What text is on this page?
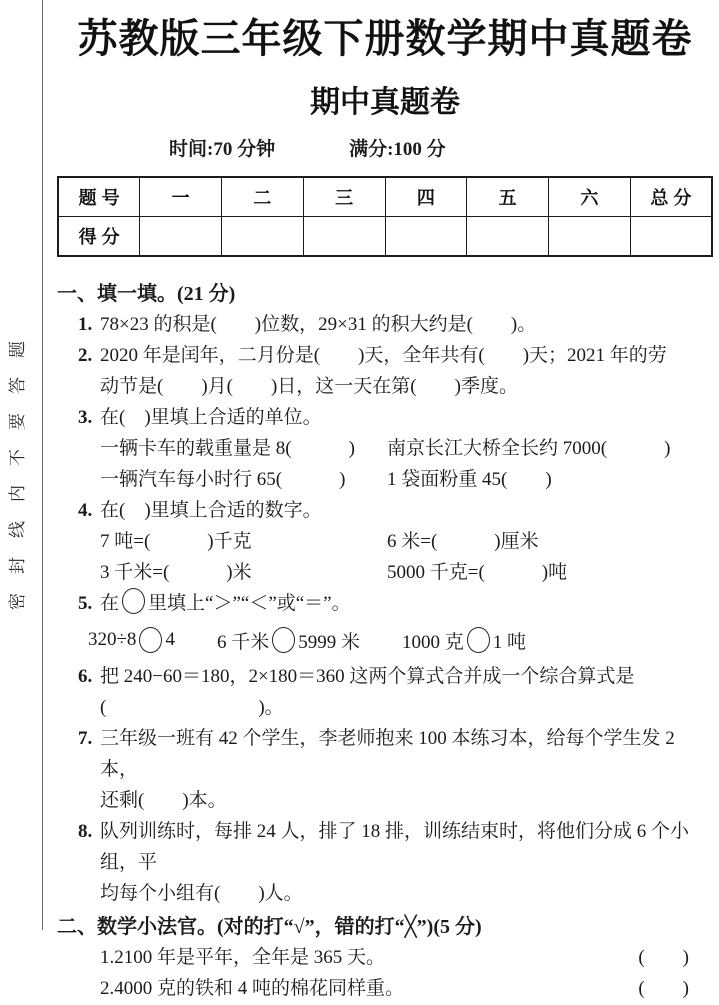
密封线内不要答题
苏教版三年级下册数学期中真题卷
期中真题卷
时间:70 分钟	满分:100 分
题 号	一	二	三	四	五	六	总 分
得 分							
一、填一填。(21 分)
1. 78×23 的积是(　　)位数，29×31 的积大约是(　　)。
2. 2020 年是闰年，二月份是(　　)天，全年共有(　　)天；2021 年的劳
动节是(　　)月(　　)日，这一天在第(　　)季度。
3. 在(　)里填上合适的单位。
一辆卡车的载重量是 8(　　　)	南京长江大桥全长约 7000(　　　)
一辆汽车每小时行 65(　　　)	1 袋面粉重 45(　　)
4. 在(　)里填上合适的数字。
7 吨=(　　　)千克	6 米=(　　　)厘米
3 千米=(　　　)米	5000 千克=(　　　)吨
5. 在 里填上“＞”“＜”或“＝”。
320÷8 4 6 千米 5999 米 1000 克 1 吨
6. 把 240−60＝180，2×180＝360 这两个算式合并成一个综合算式是
(　　　　　　　　)。
7. 三年级一班有 42 个学生，李老师抱来 100 本练习本，给每个学生发 2 本，
还剩(　　)本。
8. 队列训练时，每排 24 人，排了 18 排，训练结束时，将他们分成 6 个小组，平
均每个小组有(　　)人。
二、数学小法官。(对的打“√”，错的打“╳”)(5 分)
1.2100 年是平年，全年是 365 天。	(　　)
2.4000 克的铁和 4 吨的棉花同样重。	(　　)
